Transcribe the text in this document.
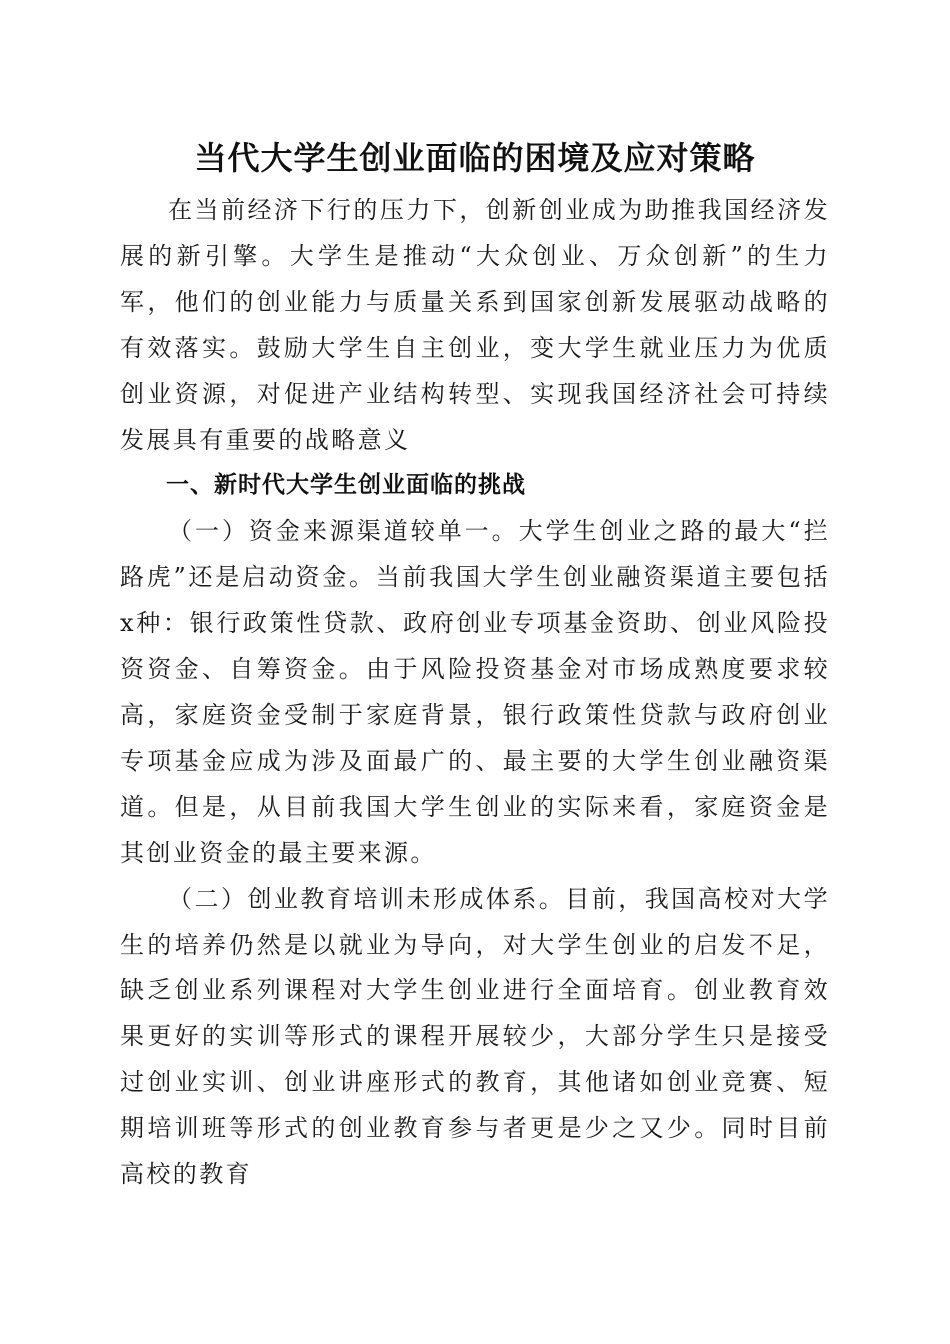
当代大学生创业面临的困境及应对策略

在当前经济下行的压力下，创新创业成为助推我国经济发展的新引擎。大学生是推动“大众创业、万众创新”的生力军，他们的创业能力与质量关系到国家创新发展驱动战略的有效落实。鼓励大学生自主创业，变大学生就业压力为优质创业资源，对促进产业结构转型、实现我国经济社会可持续发展具有重要的战略意义

一、新时代大学生创业面临的挑战

（一）资金来源渠道较单一。大学生创业之路的最大“拦路虎”还是启动资金。当前我国大学生创业融资渠道主要包括x种：银行政策性贷款、政府创业专项基金资助、创业风险投资资金、自筹资金。由于风险投资基金对市场成熟度要求较高，家庭资金受制于家庭背景，银行政策性贷款与政府创业专项基金应成为涉及面最广的、最主要的大学生创业融资渠道。但是，从目前我国大学生创业的实际来看，家庭资金是其创业资金的最主要来源。

（二）创业教育培训未形成体系。目前，我国高校对大学生的培养仍然是以就业为导向，对大学生创业的启发不足，缺乏创业系列课程对大学生创业进行全面培育。创业教育效果更好的实训等形式的课程开展较少，大部分学生只是接受过创业实训、创业讲座形式的教育，其他诸如创业竞赛、短期培训班等形式的创业教育参与者更是少之又少。同时目前高校的教育
